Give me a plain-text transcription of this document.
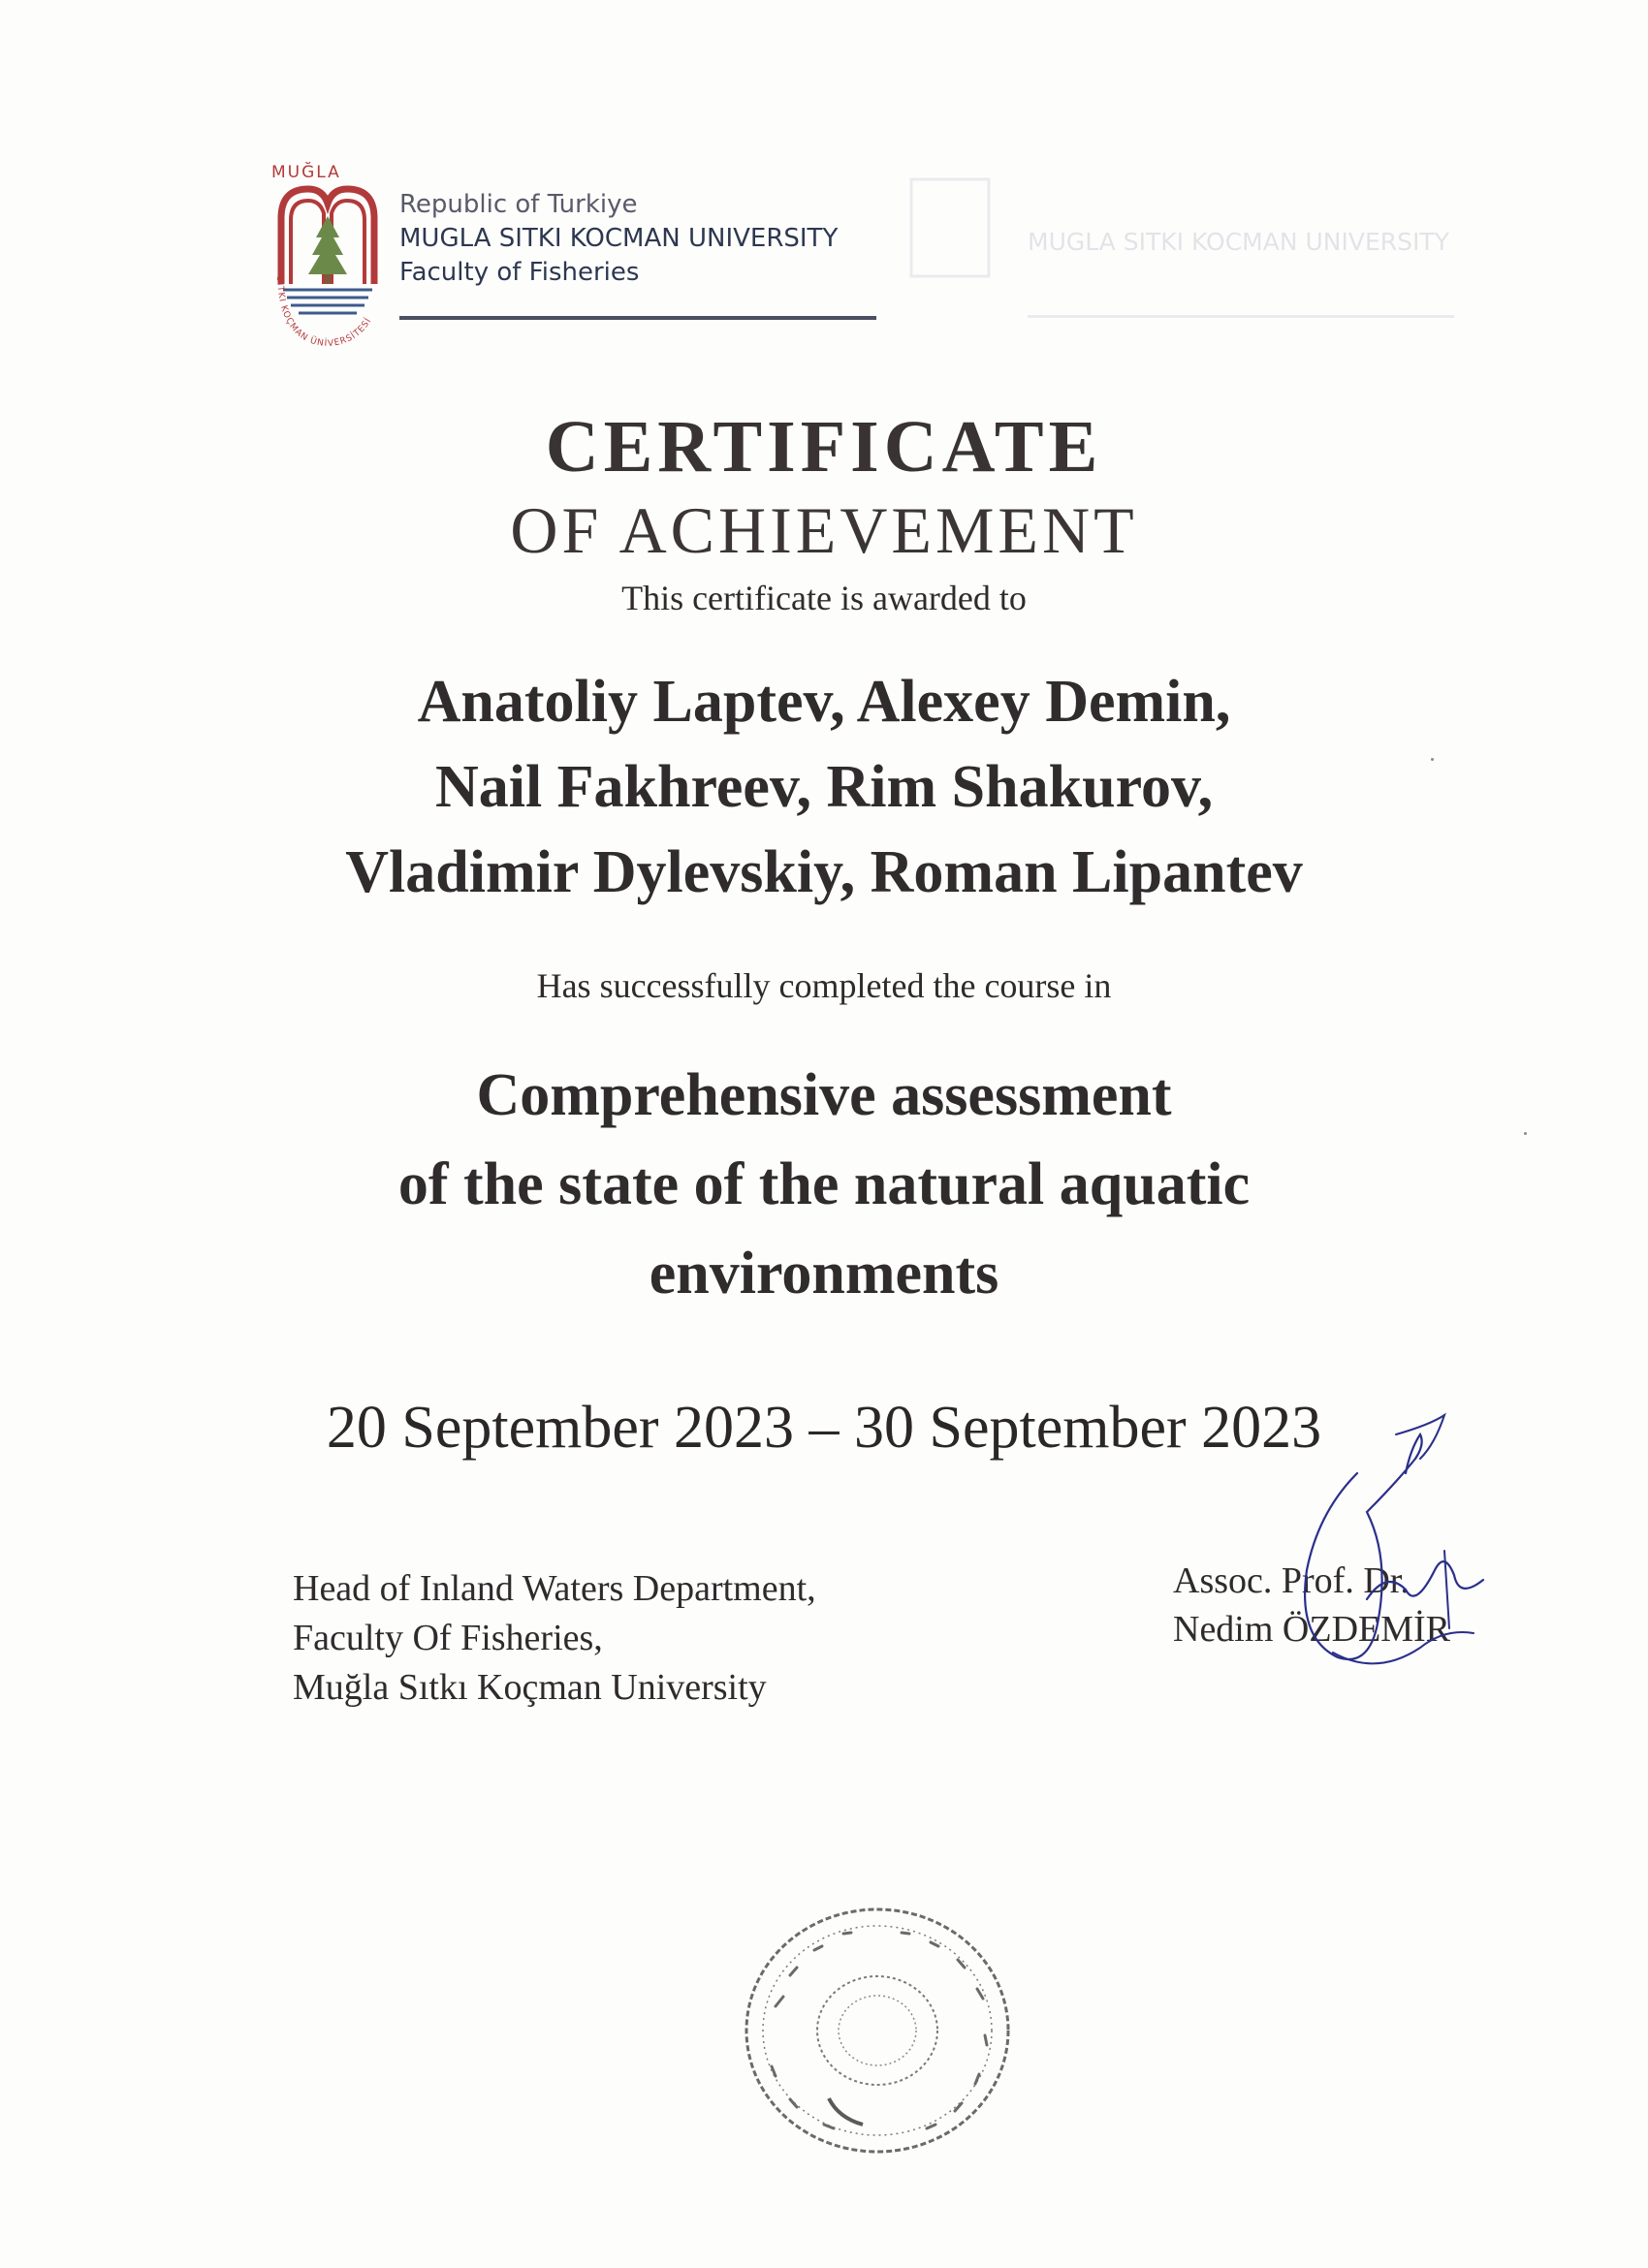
MUĞLA
SITKI KOÇMAN ÜNİVERSİTESİ
Republic of Turkiye
MUGLA SITKI KOCMAN UNIVERSITY
Faculty of Fisheries
MUGLA SITKI KOCMAN UNIVERSITY
CERTIFICATE
OF ACHIEVEMENT
This certificate is awarded to
Anatoliy Laptev, Alexey Demin,
Nail Fakhreev, Rim Shakurov,
Vladimir Dylevskiy, Roman Lipantev
Has successfully completed the course in
Comprehensive assessment
of the state of the natural aquatic
environments
20 September 2023 – 30 September 2023
Head of Inland Waters Department,
Faculty Of Fisheries,
Muğla Sıtkı Koçman University
Assoc. Prof. Dr.
Nedim ÖZDEMİR
